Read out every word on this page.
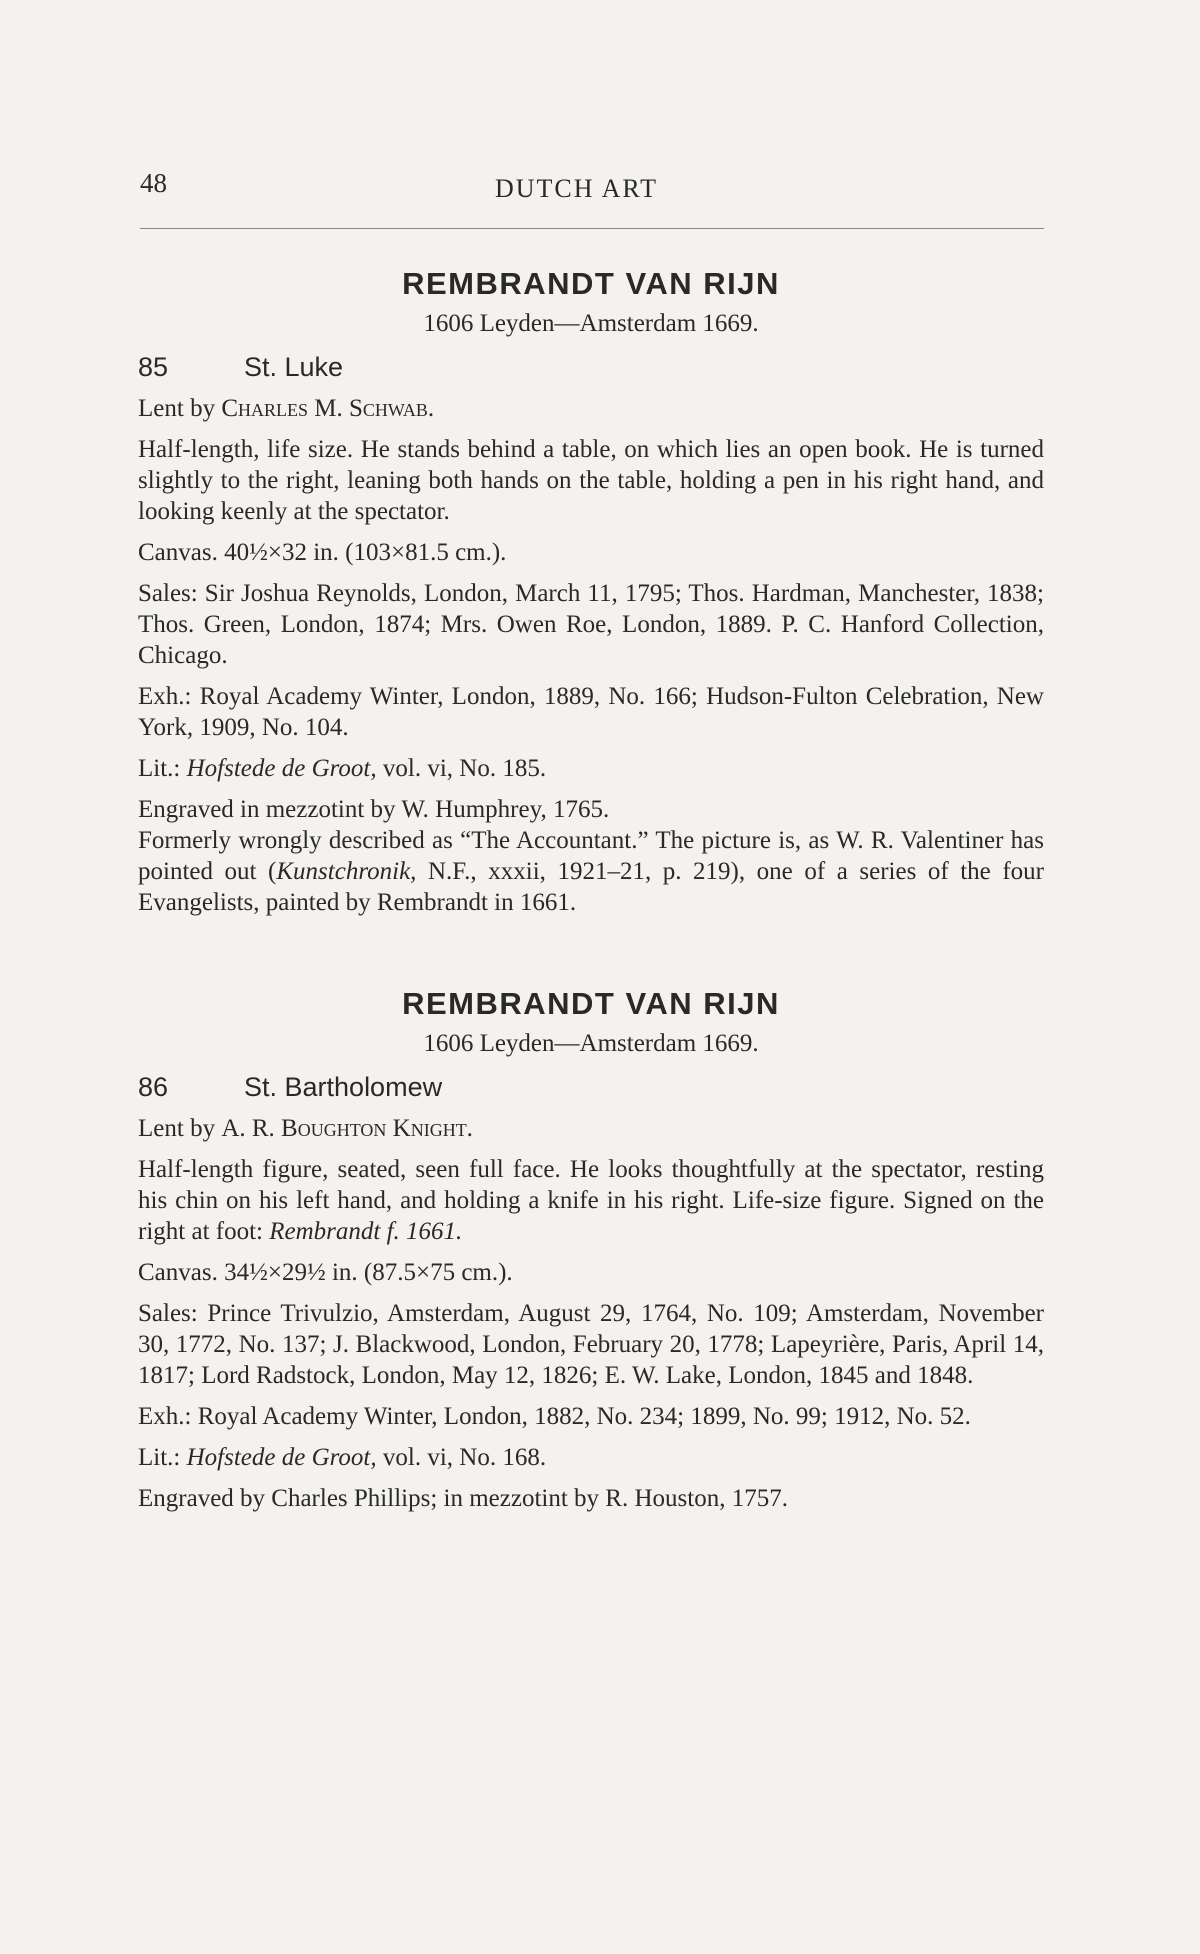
48	DUTCH ART
REMBRANDT VAN RIJN
1606 Leyden—Amsterdam 1669.
85	St. Luke

Lent by Charles M. Schwab.

Half-length, life size. He stands behind a table, on which lies an open book. He is turned slightly to the right, leaning both hands on the table, holding a pen in his right hand, and looking keenly at the spectator.

Canvas. 40½×32 in. (103×81.5 cm.).

Sales: Sir Joshua Reynolds, London, March 11, 1795; Thos. Hardman, Manchester, 1838; Thos. Green, London, 1874; Mrs. Owen Roe, London, 1889. P. C. Hanford Collection, Chicago.

Exh.: Royal Academy Winter, London, 1889, No. 166; Hudson-Fulton Celebration, New York, 1909, No. 104.

Lit.: Hofstede de Groot, vol. vi, No. 185.

Engraved in mezzotint by W. Humphrey, 1765.

Formerly wrongly described as “The Accountant.” The picture is, as W. R. Valentiner has pointed out (Kunstchronik, N.F., xxxii, 1921–21, p. 219), one of a series of the four Evangelists, painted by Rembrandt in 1661.

REMBRANDT VAN RIJN
1606 Leyden—Amsterdam 1669.
86	St. Bartholomew

Lent by A. R. Boughton Knight.

Half-length figure, seated, seen full face. He looks thoughtfully at the spectator, resting his chin on his left hand, and holding a knife in his right. Life-size figure. Signed on the right at foot: Rembrandt f. 1661.

Canvas. 34½×29½ in. (87.5×75 cm.).

Sales: Prince Trivulzio, Amsterdam, August 29, 1764, No. 109; Amsterdam, November 30, 1772, No. 137; J. Blackwood, London, February 20, 1778; Lapeyrière, Paris, April 14, 1817; Lord Radstock, London, May 12, 1826; E. W. Lake, London, 1845 and 1848.

Exh.: Royal Academy Winter, London, 1882, No. 234; 1899, No. 99; 1912, No. 52.

Lit.: Hofstede de Groot, vol. vi, No. 168.

Engraved by Charles Phillips; in mezzotint by R. Houston, 1757.
